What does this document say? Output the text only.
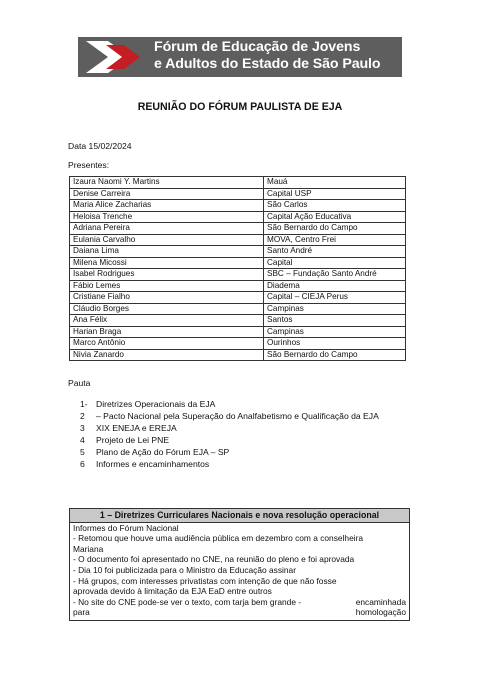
Fórum de Educação de Jovens
e Adultos do Estado de São Paulo
REUNIÃO DO FÓRUM PAULISTA DE EJA
Data 15/02/2024
Presentes:
Izaura Naomi Y. Martins	Mauá
Denise Carreira	Capital USP
Maria Alice Zacharias	São Carlos
Heloisa Trenche	Capital Ação Educativa
Adriana Pereira	São Bernardo do Campo
Eulania Carvalho	MOVA, Centro Frei
Daiana Lima	Santo André
Milena Micossi	Capital
Isabel Rodrigues	SBC – Fundação Santo André
Fábio Lemes	Diadema
Cristiane Fialho	Capital – CIEJA Perus
Cláudio Borges	Campinas
Ana Félix	Santos
Harian Braga	Campinas
Marco Antônio	Ourinhos
Nivia Zanardo	São Bernardo do Campo
Pauta
1- Diretrizes Operacionais da EJA
2	– Pacto Nacional pela Superação do Analfabetismo e Qualificação da EJA
3	XIX ENEJA e EREJA
4	Projeto de Lei PNE
5	Plano de Ação do Fórum EJA – SP
6	Informes e encaminhamentos
1 – Diretrizes Curriculares Nacionais e nova resolução operacional
Informes do Fórum Nacional
- Retomou que houve uma audiência pública em dezembro com a conselheira
Mariana
- O documento foi apresentado no CNE, na reunião do pleno e foi aprovada
- Dia 10 foi publicizada para o Ministro da Educação assinar
- Há grupos, com interesses privatistas com intenção de que não fosse
aprovada devido à limitação da EJA EaD entre outros
- No site do CNE pode-se ver o texto, com tarja bem grande -	encaminhada
para	homologação
